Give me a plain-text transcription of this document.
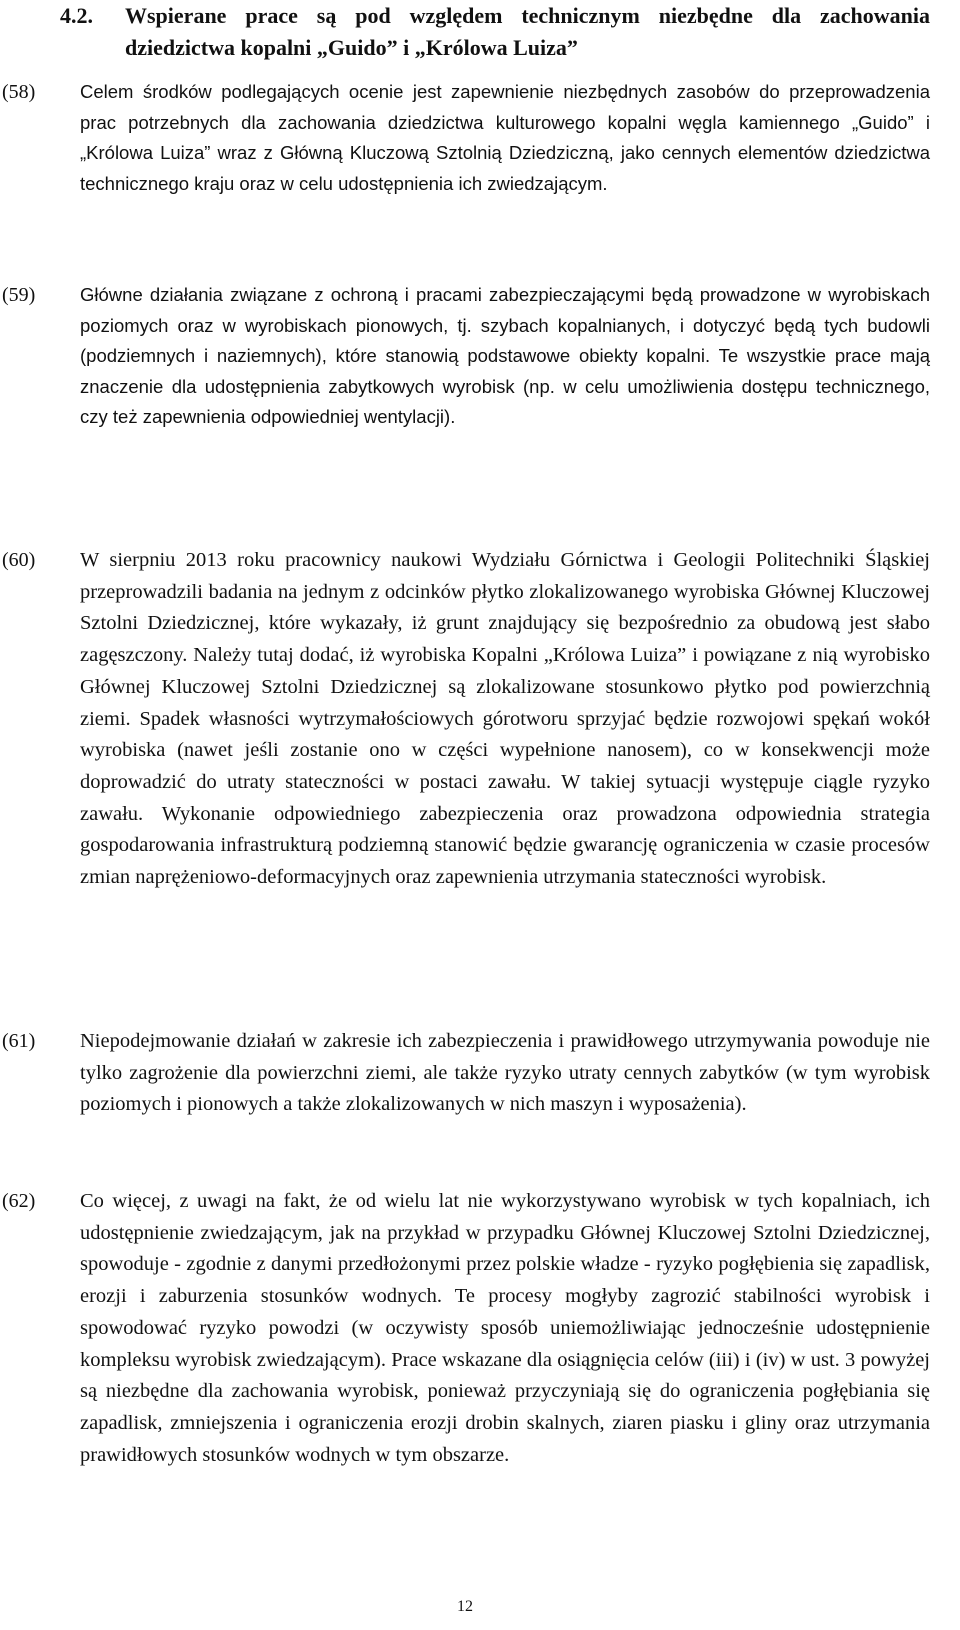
4.2. Wspierane prace są pod względem technicznym niezbędne dla zachowania dziedzictwa kopalni „Guido” i „Królowa Luiza”
(58) Celem środków podlegających ocenie jest zapewnienie niezbędnych zasobów do przeprowadzenia prac potrzebnych dla zachowania dziedzictwa kulturowego kopalni węgla kamiennego „Guido” i „Królowa Luiza” wraz z Główną Kluczową Sztolnią Dziedziczną, jako cennych elementów dziedzictwa technicznego kraju oraz w celu udostępnienia ich zwiedzającym.
(59) Główne działania związane z ochroną i pracami zabezpieczającymi będą prowadzone w wyrobiskach poziomych oraz w wyrobiskach pionowych, tj. szybach kopalnianych, i dotyczyć będą tych budowli (podziemnych i naziemnych), które stanowią podstawowe obiekty kopalni. Te wszystkie prace mają znaczenie dla udostępnienia zabytkowych wyrobisk (np. w celu umożliwienia dostępu technicznego, czy też zapewnienia odpowiedniej wentylacji).
(60) W sierpniu 2013 roku pracownicy naukowi Wydziału Górnictwa i Geologii Politechniki Śląskiej przeprowadzili badania na jednym z odcinków płytko zlokalizowanego wyrobiska Głównej Kluczowej Sztolni Dziedzicznej, które wykazały, iż grunt znajdujący się bezpośrednio za obudową jest słabo zagęszczony. Należy tutaj dodać, iż wyrobiska Kopalni „Królowa Luiza” i powiązane z nią wyrobisko Głównej Kluczowej Sztolni Dziedzicznej są zlokalizowane stosunkowo płytko pod powierzchnią ziemi. Spadek własności wytrzymałościowych górotworu sprzyjać będzie rozwojowi spękań wokół wyrobiska (nawet jeśli zostanie ono w części wypełnione nanosem), co w konsekwencji może doprowadzić do utraty stateczności w postaci zawału. W takiej sytuacji występuje ciągle ryzyko zawału. Wykonanie odpowiedniego zabezpieczenia oraz prowadzona odpowiednia strategia gospodarowania infrastrukturą podziemną stanowić będzie gwarancję ograniczenia w czasie procesów zmian naprężeniowo-deformacyjnych oraz zapewnienia utrzymania stateczności wyrobisk.
(61) Niepodejmowanie działań w zakresie ich zabezpieczenia i prawidłowego utrzymywania powoduje nie tylko zagrożenie dla powierzchni ziemi, ale także ryzyko utraty cennych zabytków (w tym wyrobisk poziomych i pionowych a także zlokalizowanych w nich maszyn i wyposażenia).
(62) Co więcej, z uwagi na fakt, że od wielu lat nie wykorzystywano wyrobisk w tych kopalniach, ich udostępnienie zwiedzającym, jak na przykład w przypadku Głównej Kluczowej Sztolni Dziedzicznej, spowoduje - zgodnie z danymi przedłożonymi przez polskie władze - ryzyko pogłębienia się zapadlisk, erozji i zaburzenia stosunków wodnych. Te procesy mogłyby zagrozić stabilności wyrobisk i spowodować ryzyko powodzi (w oczywisty sposób uniemożliwiając jednocześnie udostępnienie kompleksu wyrobisk zwiedzającym). Prace wskazane dla osiągnięcia celów (iii) i (iv) w ust. 3 powyżej są niezbędne dla zachowania wyrobisk, ponieważ przyczyniają się do ograniczenia pogłębiania się zapadlisk, zmniejszenia i ograniczenia erozji drobin skalnych, ziaren piasku i gliny oraz utrzymania prawidłowych stosunków wodnych w tym obszarze.
12
